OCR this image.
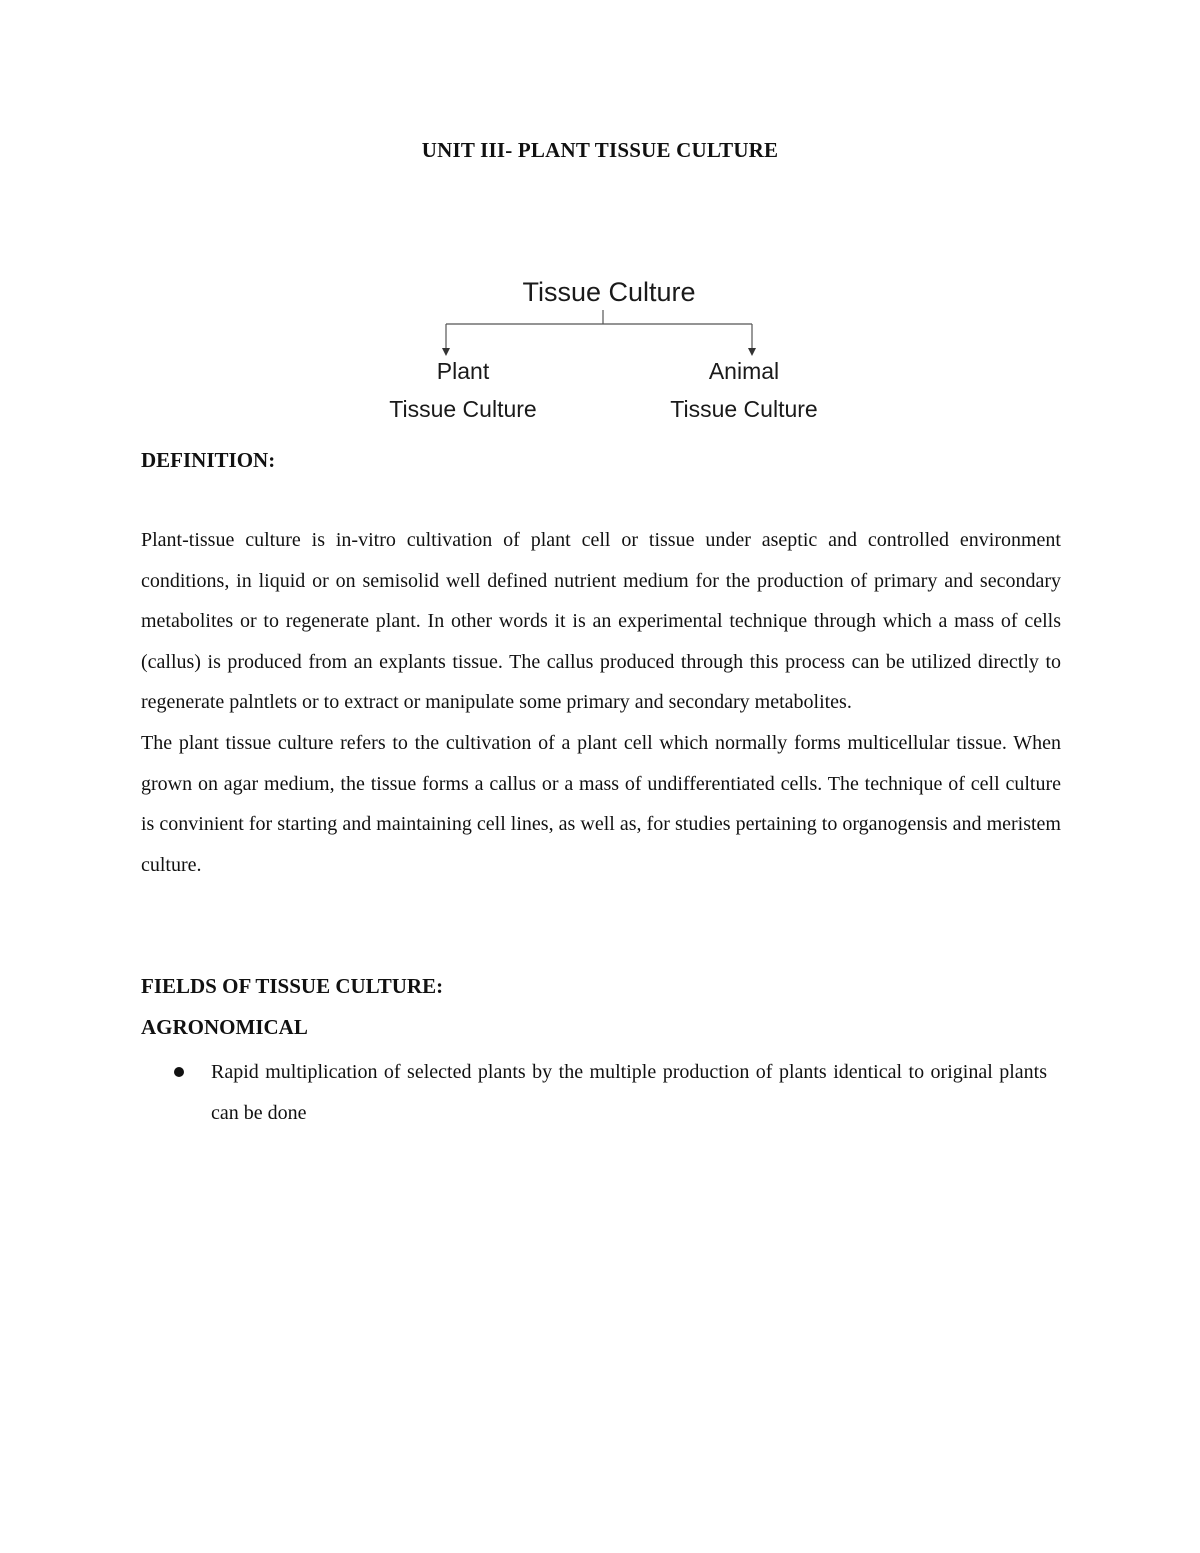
UNIT III- PLANT TISSUE CULTURE
Tissue Culture
Plant
Tissue Culture
Animal
Tissue Culture
DEFINITION:

Plant-tissue culture is in-vitro cultivation of plant cell or tissue under aseptic and controlled environment conditions, in liquid or on semisolid well defined nutrient medium for the production of primary and secondary metabolites or to regenerate plant. In other words it is an experimental technique through which a mass of cells (callus) is produced from an explants tissue. The callus produced through this process can be utilized directly to regenerate palntlets or to extract or manipulate some primary and secondary metabolites.

The plant tissue culture refers to the cultivation of a plant cell which normally forms multicellular tissue. When grown on agar medium, the tissue forms a callus or a mass of undifferentiated cells. The technique of cell culture is convinient for starting and maintaining cell lines, as well as, for studies pertaining to organogensis and meristem culture.

FIELDS OF TISSUE CULTURE:
AGRONOMICAL
Rapid multiplication of selected plants by the multiple production of plants identical to original plants can be done
